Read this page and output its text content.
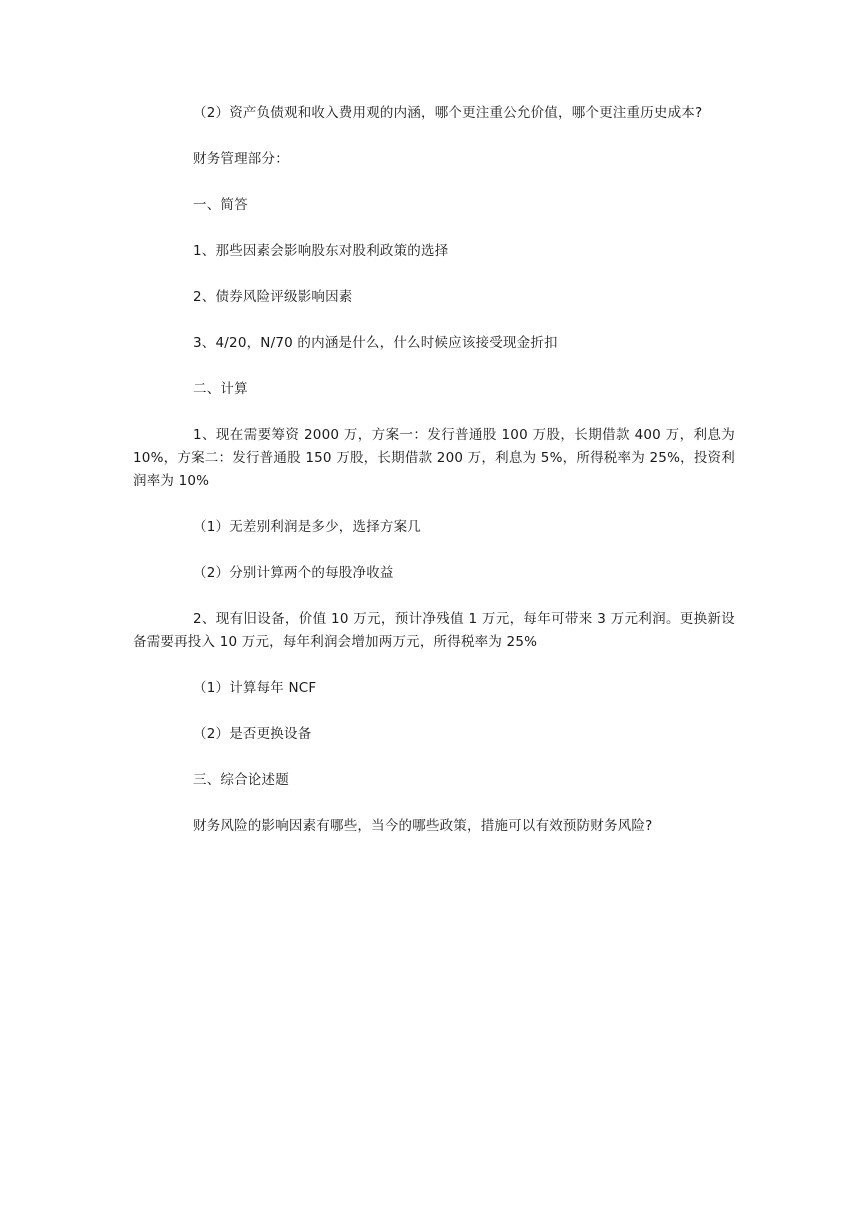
（2）资产负债观和收入费用观的内涵，哪个更注重公允价值，哪个更注重历史成本?

财务管理部分：

一、简答

1、那些因素会影响股东对股利政策的选择

2、债券风险评级影响因素

3、4/20，N/70 的内涵是什么，什么时候应该接受现金折扣

二、计算

1、现在需要筹资 2000 万，方案一：发行普通股 100 万股，长期借款 400 万，利息为 10%，方案二：发行普通股 150 万股，长期借款 200 万，利息为 5%，所得税率为 25%，投资利润率为 10%

（1）无差别利润是多少，选择方案几

（2）分别计算两个的每股净收益

2、现有旧设备，价值 10 万元，预计净残值 1 万元，每年可带来 3 万元利润。更换新设备需要再投入 10 万元，每年利润会增加两万元，所得税率为 25%

（1）计算每年 NCF

（2）是否更换设备

三、综合论述题

财务风险的影响因素有哪些，当今的哪些政策，措施可以有效预防财务风险?
